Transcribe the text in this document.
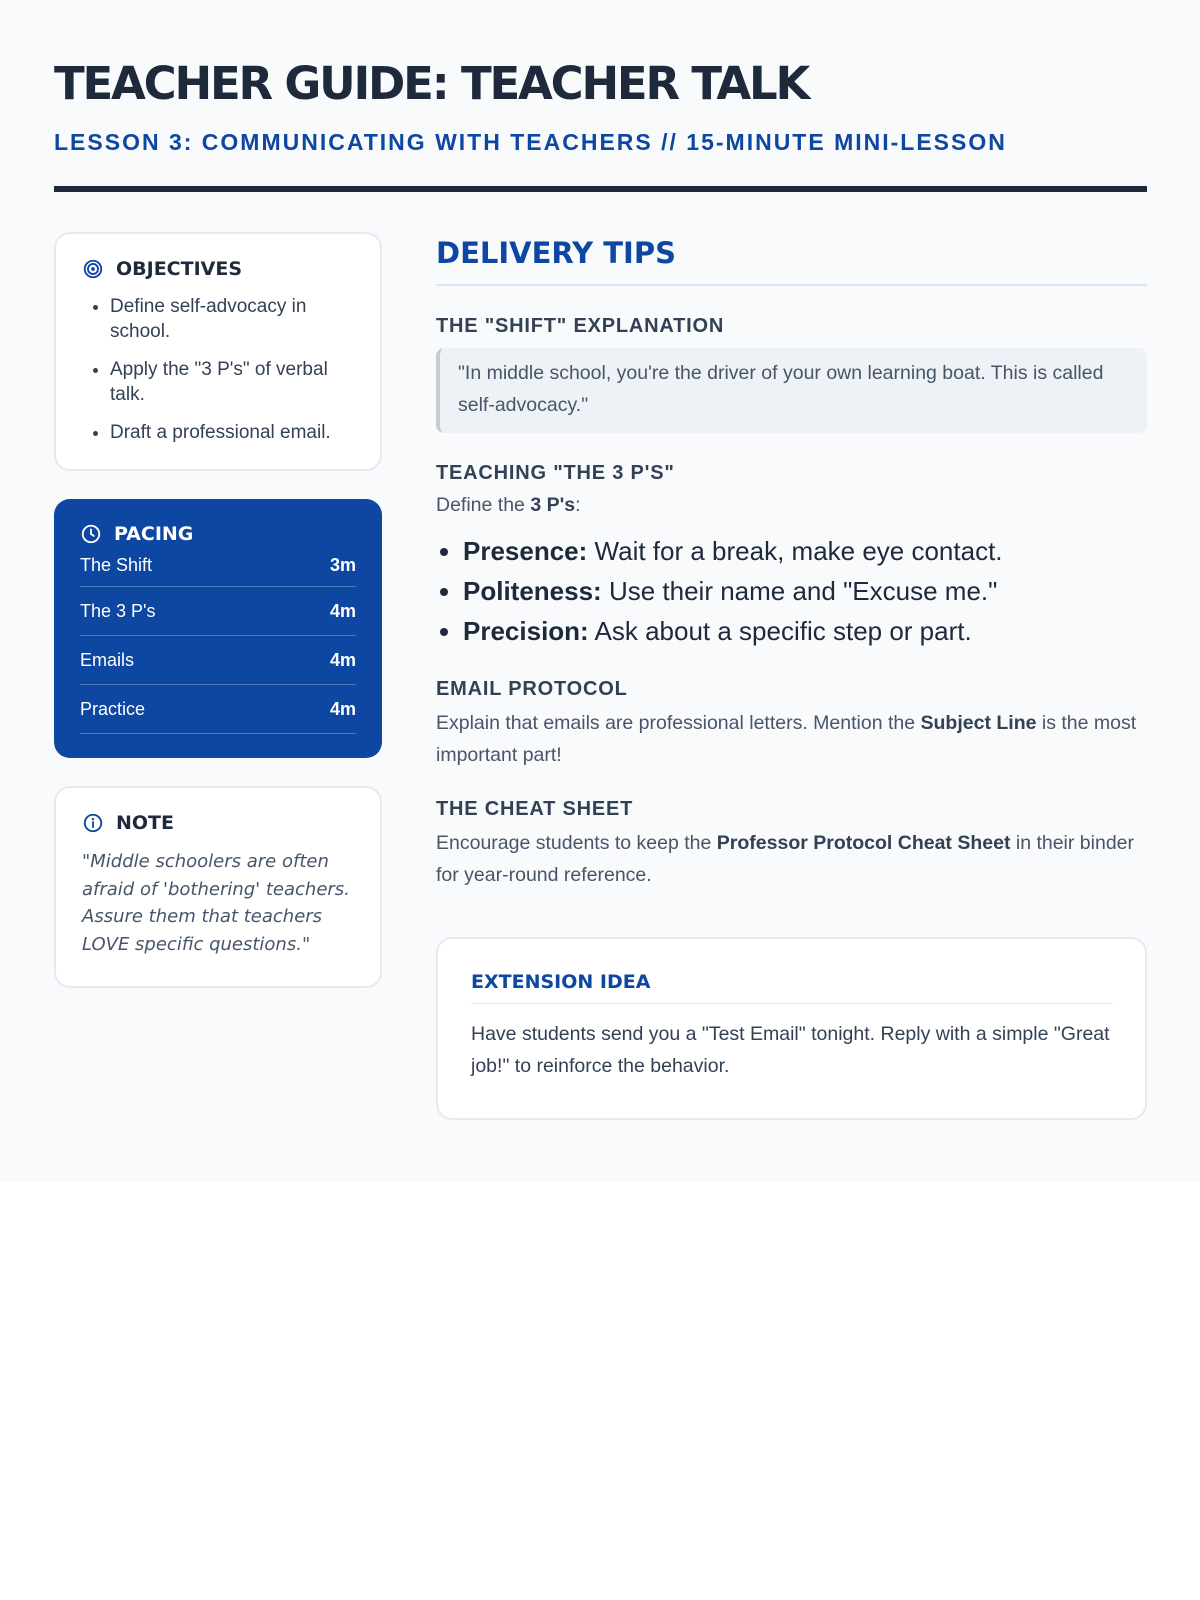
TEACHER GUIDE: TEACHER TALK
LESSON 3: COMMUNICATING WITH TEACHERS // 15-MINUTE MINI-LESSON
OBJECTIVES
• Define self-advocacy in school.
• Apply the "3 P's" of verbal talk.
• Draft a professional email.
PACING
The Shift	3m
The 3 P's	4m
Emails	4m
Practice	4m
NOTE

"Middle schoolers are often afraid of 'bothering' teachers. Assure them that teachers LOVE specific questions."

DELIVERY TIPS
THE "SHIFT" EXPLANATION
"In middle school, you're the driver of your own learning boat. This is called self-advocacy."
TEACHING "THE 3 P'S"

Define the 3 P's:

• Presence: Wait for a break, make eye contact.
• Politeness: Use their name and "Excuse me."
• Precision: Ask about a specific step or part.
EMAIL PROTOCOL

Explain that emails are professional letters. Mention the Subject Line is the most important part!

THE CHEAT SHEET

Encourage students to keep the Professor Protocol Cheat Sheet in their binder for year-round reference.

EXTENSION IDEA

Have students send you a "Test Email" tonight. Reply with a simple "Great job!" to reinforce the behavior.
